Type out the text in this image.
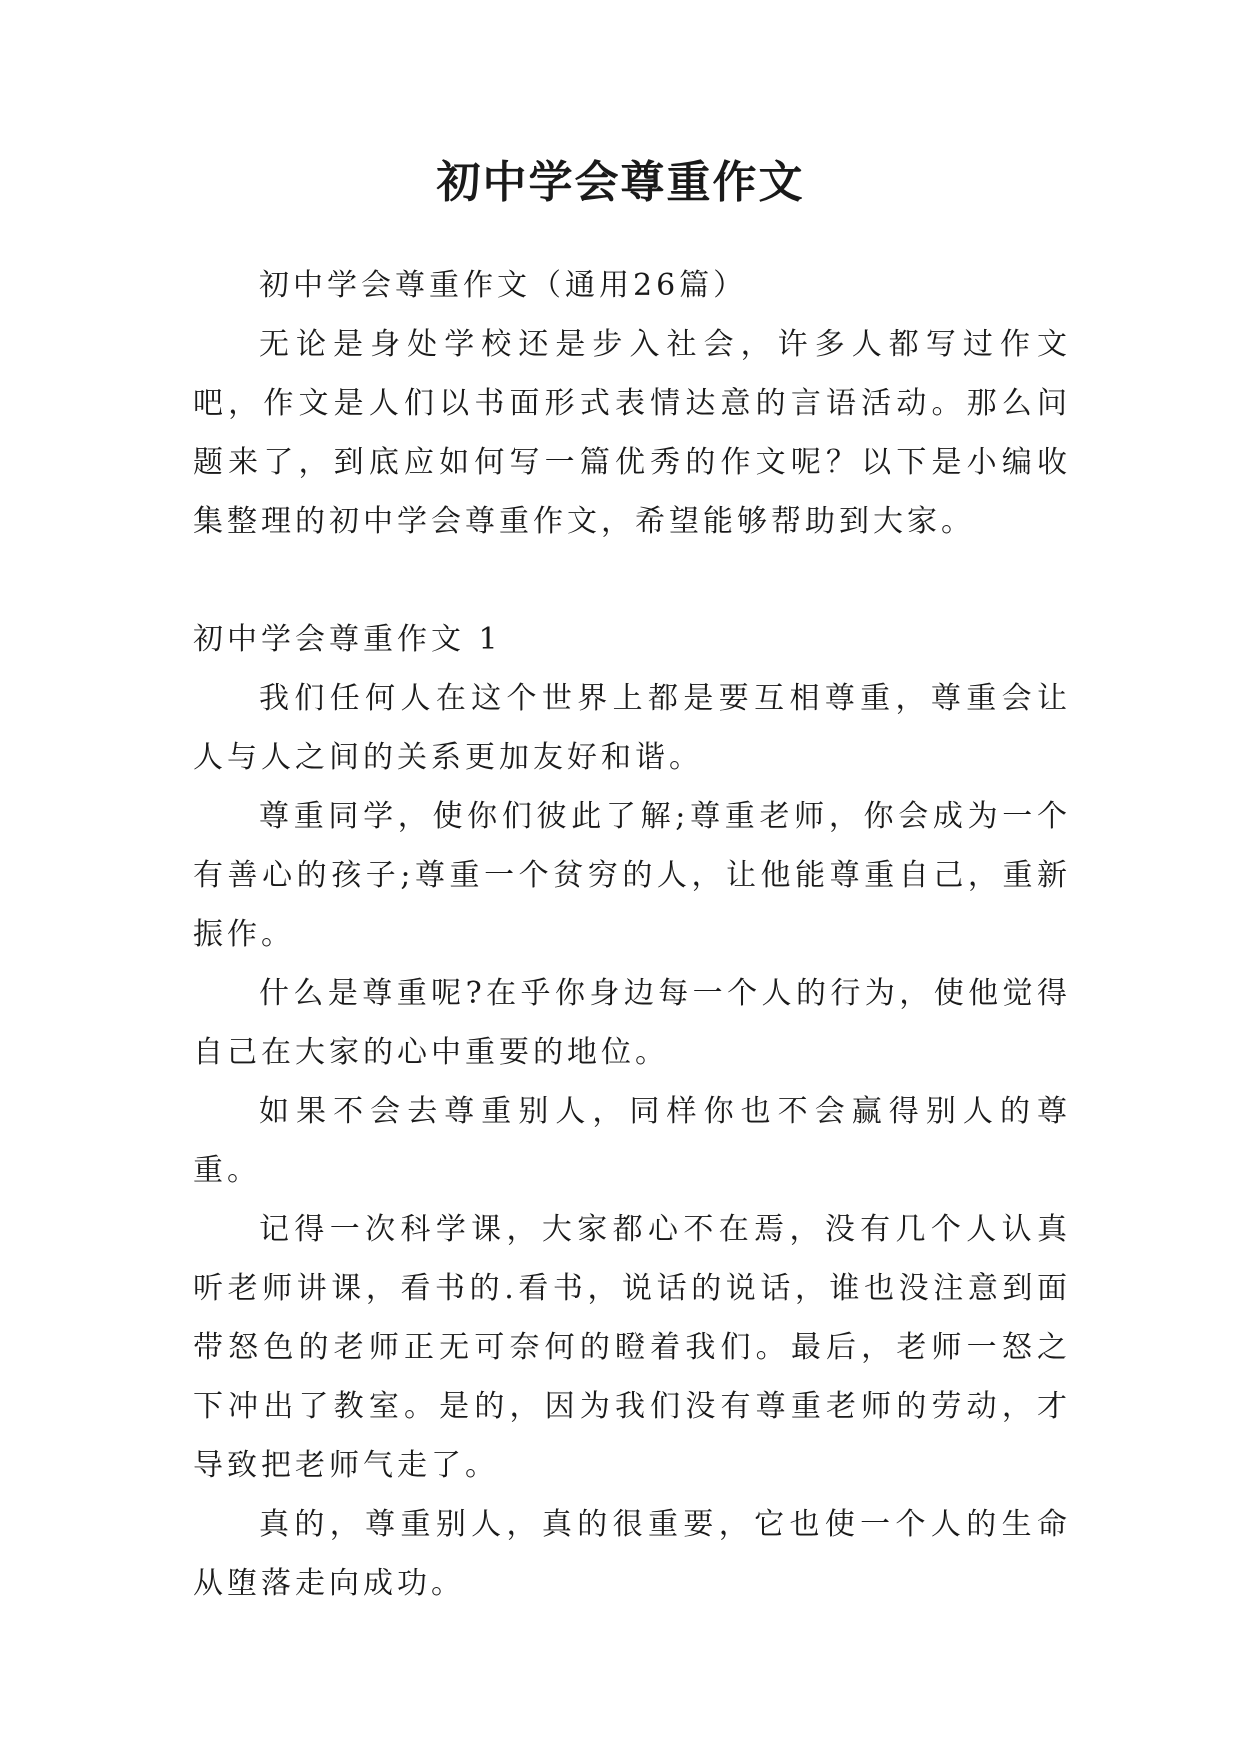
初中学会尊重作文

初中学会尊重作文（通用26篇）

无论是身处学校还是步入社会，许多人都写过作文吧，作文是人们以书面形式表情达意的言语活动。那么问题来了，到底应如何写一篇优秀的作文呢？以下是小编收集整理的初中学会尊重作文，希望能够帮助到大家。

初中学会尊重作文 1

我们任何人在这个世界上都是要互相尊重，尊重会让人与人之间的关系更加友好和谐。

尊重同学，使你们彼此了解;尊重老师，你会成为一个有善心的孩子;尊重一个贫穷的人，让他能尊重自己，重新振作。

什么是尊重呢?在乎你身边每一个人的行为，使他觉得自己在大家的心中重要的地位。

如果不会去尊重别人，同样你也不会赢得别人的尊重。

记得一次科学课，大家都心不在焉，没有几个人认真听老师讲课，看书的.看书，说话的说话，谁也没注意到面带怒色的老师正无可奈何的瞪着我们。最后，老师一怒之下冲出了教室。是的，因为我们没有尊重老师的劳动，才导致把老师气走了。

真的，尊重别人，真的很重要，它也使一个人的生命从堕落走向成功。
